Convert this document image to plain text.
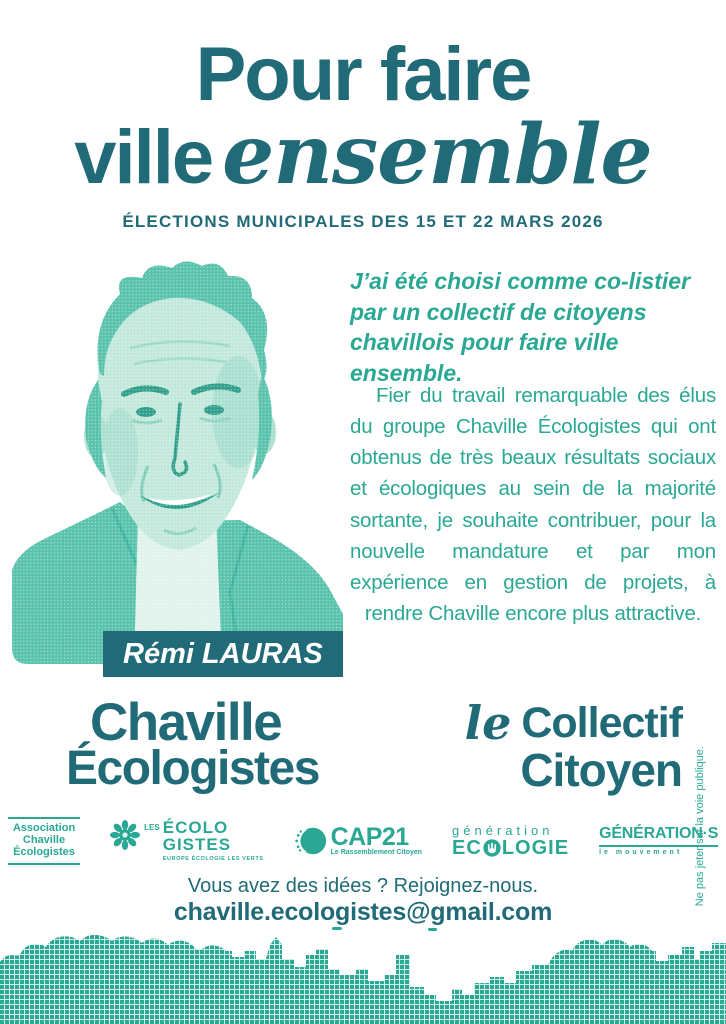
Pour faire
ville ensemble
ÉLECTIONS MUNICIPALES DES 15 ET 22 MARS 2026
Rémi LAURAS
J’ai été choisi comme co-listier par un collectif de citoyens chavillois pour faire ville ensemble.
Fier du travail remarquable des élus du groupe Chaville Écologistes qui ont obtenus de très beaux résultats sociaux et écologiques au sein de la majorité sortante, je souhaite contribuer, pour la nouvelle mandature et par mon expérience en gestion de projets, à rendre Chaville encore plus attractive.
Chaville
Écologistes
le Collectif
Citoyen
Association
Chaville
Écologistes
LES ÉCOLO
GISTES
EUROPE ÉCOLOGIE LES VERTS
CAP21
Le Rassemblement Citoyen
génération
EC LOGIE
GÉNÉRATION·S
le mouvement
Vous avez des idées ? Rejoignez-nous.
chaville.ecologistes@gmail.com
Ne pas jeter sur la voie publique.
